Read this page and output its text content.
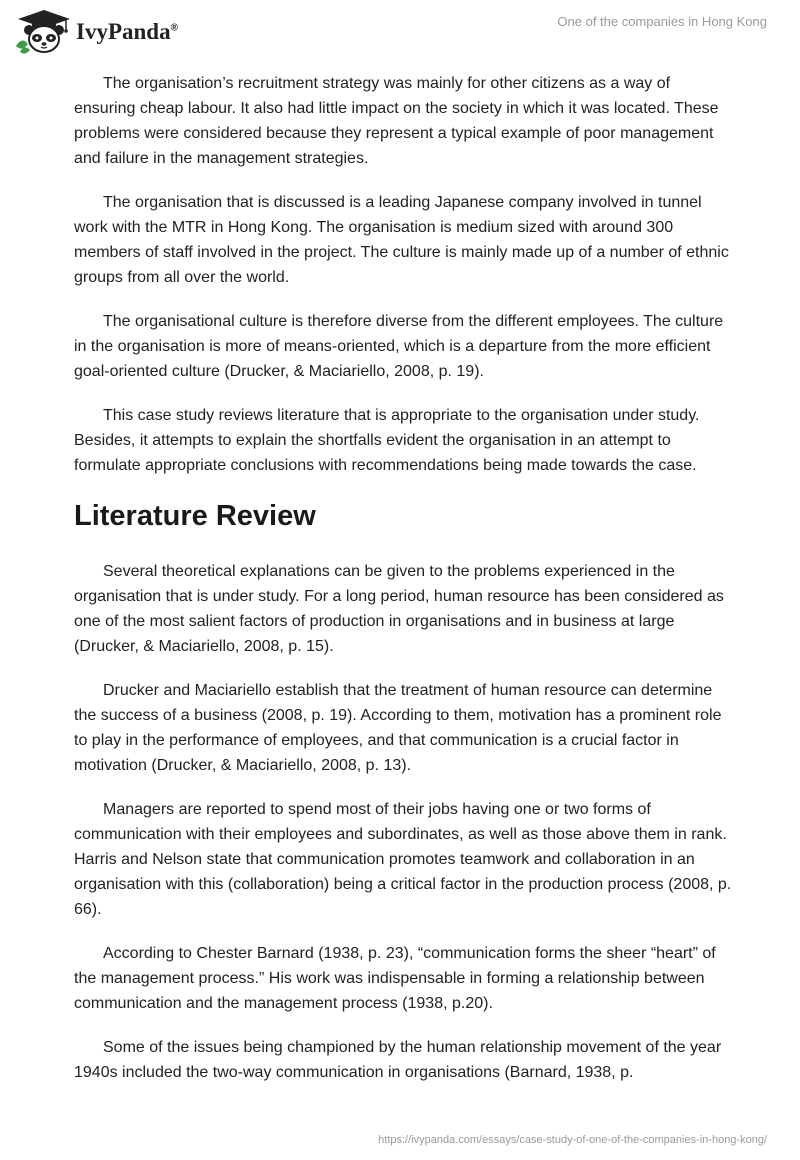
IvyPanda®	One of the companies in Hong Kong

The organisation’s recruitment strategy was mainly for other citizens as a way of ensuring cheap labour. It also had little impact on the society in which it was located. These problems were considered because they represent a typical example of poor management and failure in the management strategies.

The organisation that is discussed is a leading Japanese company involved in tunnel work with the MTR in Hong Kong. The organisation is medium sized with around 300 members of staff involved in the project. The culture is mainly made up of a number of ethnic groups from all over the world.

The organisational culture is therefore diverse from the different employees. The culture in the organisation is more of means-oriented, which is a departure from the more efficient goal-oriented culture (Drucker, & Maciariello, 2008, p. 19).

This case study reviews literature that is appropriate to the organisation under study. Besides, it attempts to explain the shortfalls evident the organisation in an attempt to formulate appropriate conclusions with recommendations being made towards the case.

Literature Review

Several theoretical explanations can be given to the problems experienced in the organisation that is under study. For a long period, human resource has been considered as one of the most salient factors of production in organisations and in business at large (Drucker, & Maciariello, 2008, p. 15).

Drucker and Maciariello establish that the treatment of human resource can determine the success of a business (2008, p. 19). According to them, motivation has a prominent role to play in the performance of employees, and that communication is a crucial factor in motivation (Drucker, & Maciariello, 2008, p. 13).

Managers are reported to spend most of their jobs having one or two forms of communication with their employees and subordinates, as well as those above them in rank. Harris and Nelson state that communication promotes teamwork and collaboration in an organisation with this (collaboration) being a critical factor in the production process (2008, p. 66).

According to Chester Barnard (1938, p. 23), “communication forms the sheer “heart” of the management process.” His work was indispensable in forming a relationship between communication and the management process (1938, p.20).

Some of the issues being championed by the human relationship movement of the year 1940s included the two-way communication in organisations (Barnard, 1938, p.

https://ivypanda.com/essays/case-study-of-one-of-the-companies-in-hong-kong/
